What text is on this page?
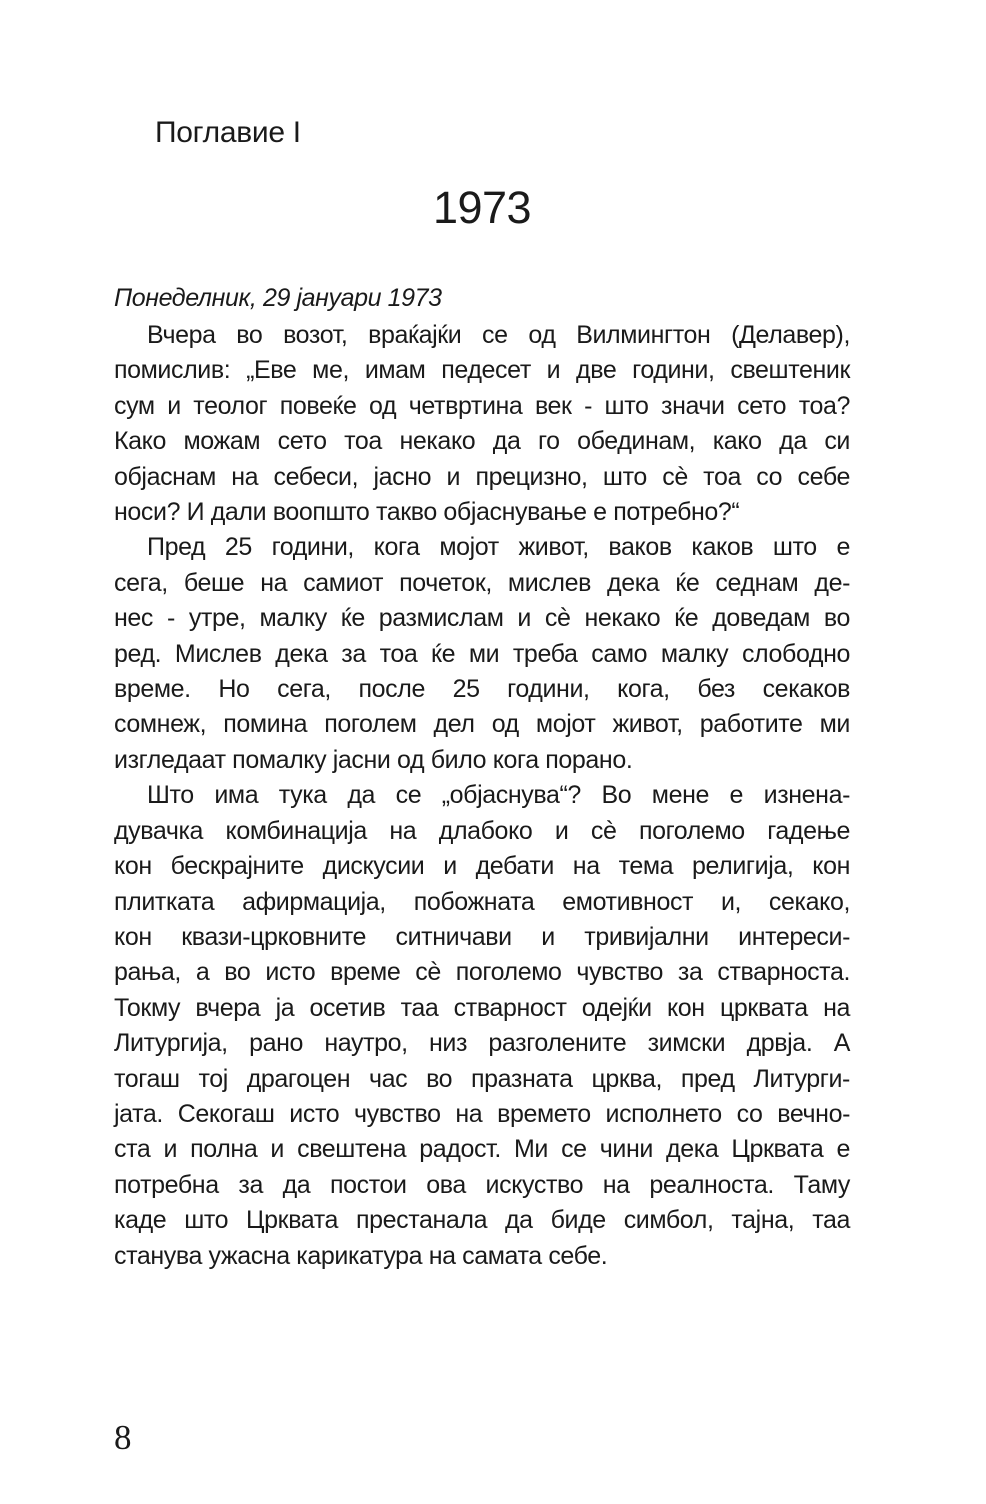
Поглавие I
1973
Понеделник, 29 јануари 1973
Вчера во возот, враќајќи се од Вилмингтон (Делавер),
помислив: „Еве ме, имам педесет и две години, свештеник
сум и теолог повеќе од четвртина век - што значи сето тоа?
Како можам сето тоа некако да го обединам, како да си
објаснам на себеси, јасно и прецизно, што сè тоа со себе
носи? И дали воопшто такво објаснување е потребно?“
Пред 25 години, кога мојот живот, ваков каков што е
сега, беше на самиот почеток, мислев дека ќе седнам де-
нес - утре, малку ќе размислам и сè некако ќе доведам во
ред. Мислев дека за тоа ќе ми треба само малку слободно
време. Но сега, после 25 години, кога, без секаков
сомнеж, помина поголем дел од мојот живот, работите ми
изгледаат помалку јасни од било кога порано.
Што има тука да се „објаснува“? Во мене е изнена-
дувачка комбинација на длабоко и сè поголемо гадење
кон бескрајните дискусии и дебати на тема религија, кон
плитката афирмација, побожната емотивност и, секако,
кон квази-црковните ситничави и тривијални интереси-
рања, а во исто време сè поголемо чувство за стварноста.
Токму вчера ја осетив таа стварност одејќи кон црквата на
Литургија, рано наутро, низ разголените зимски дрвја. А
тогаш тој драгоцен час во празната црква, пред Литурги-
јата. Секогаш исто чувство на времето исполнето со вечно-
ста и полна и свештена радост. Ми се чини дека Црквата е
потребна за да постои ова искуство на реалноста. Таму
каде што Црквата престанала да биде симбол, тајна, таа
станува ужасна карикатура на самата себе.
8
